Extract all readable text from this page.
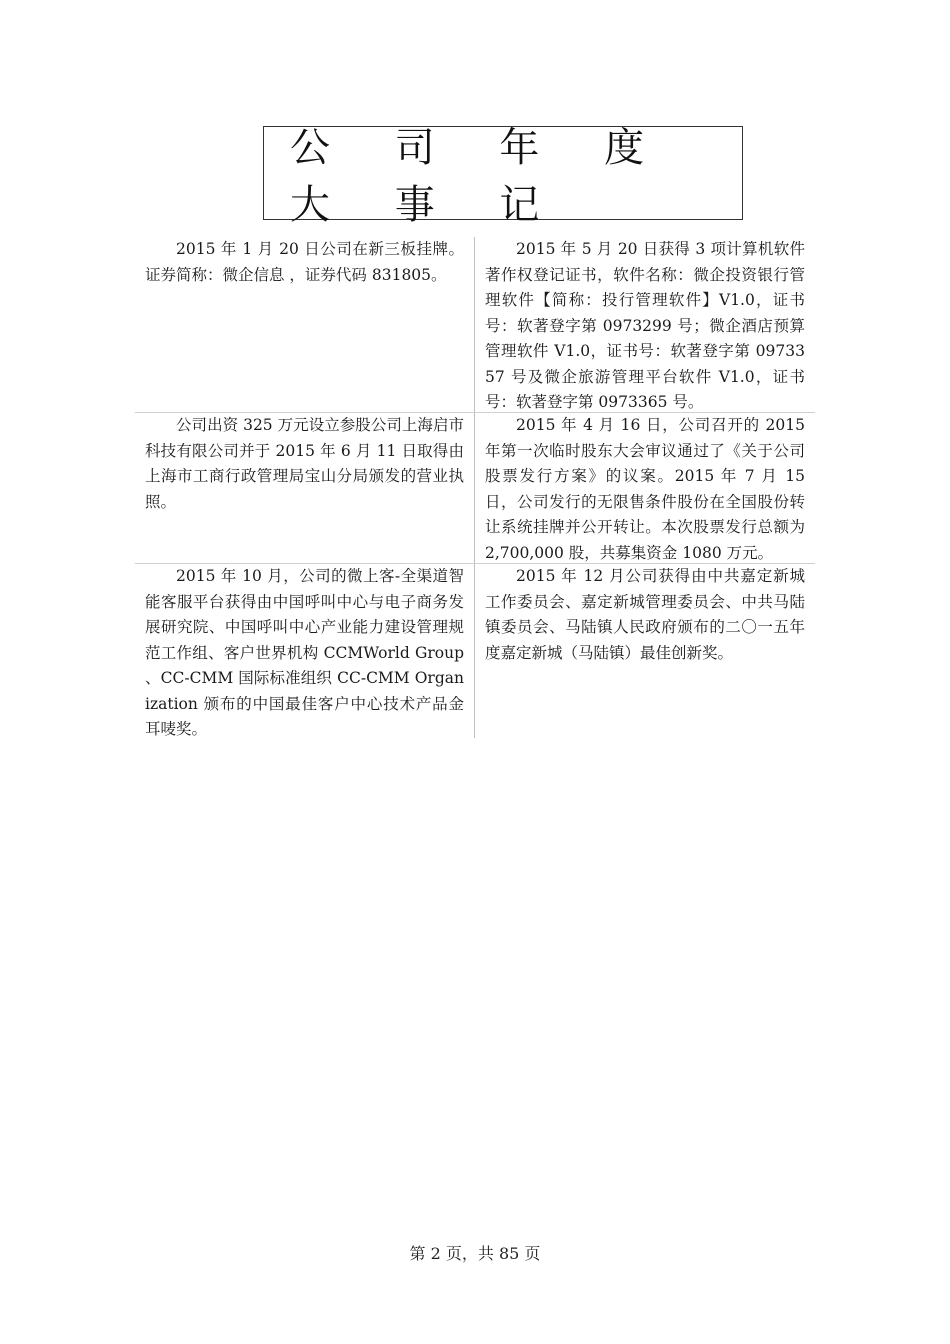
公 司 年 度 大 事 记
2015 年 1 月 20 日公司在新三板挂牌。证券简称：微企信息 ，证券代码 831805。
2015 年 5 月 20 日获得 3 项计算机软件著作权登记证书，软件名称：微企投资银行管理软件【简称：投行管理软件】V1.0，证书号：软著登字第 0973299 号；微企酒店预算管理软件 V1.0，证书号：软著登字第 0973357 号及微企旅游管理平台软件 V1.0，证书号：软著登字第 0973365 号。
公司出资 325 万元设立参股公司上海启市科技有限公司并于 2015 年 6 月 11 日取得由上海市工商行政管理局宝山分局颁发的营业执照。
2015 年 4 月 16 日，公司召开的 2015 年第一次临时股东大会审议通过了《关于公司股票发行方案》的议案。2015 年 7 月 15 日，公司发行的无限售条件股份在全国股份转让系统挂牌并公开转让。本次股票发行总额为 2,700,000 股，共募集资金 1080 万元。
2015 年 10 月，公司的微上客-全渠道智能客服平台获得由中国呼叫中心与电子商务发展研究院、中国呼叫中心产业能力建设管理规范工作组、客户世界机构 CCMWorld Group 、CC-CMM 国际标准组织 CC-CMM Organization 颁布的中国最佳客户中心技术产品金耳唛奖。
2015 年 12 月公司获得由中共嘉定新城工作委员会、嘉定新城管理委员会、中共马陆镇委员会、马陆镇人民政府颁布的二〇一五年度嘉定新城（马陆镇）最佳创新奖。
第 2 页，共 85 页
